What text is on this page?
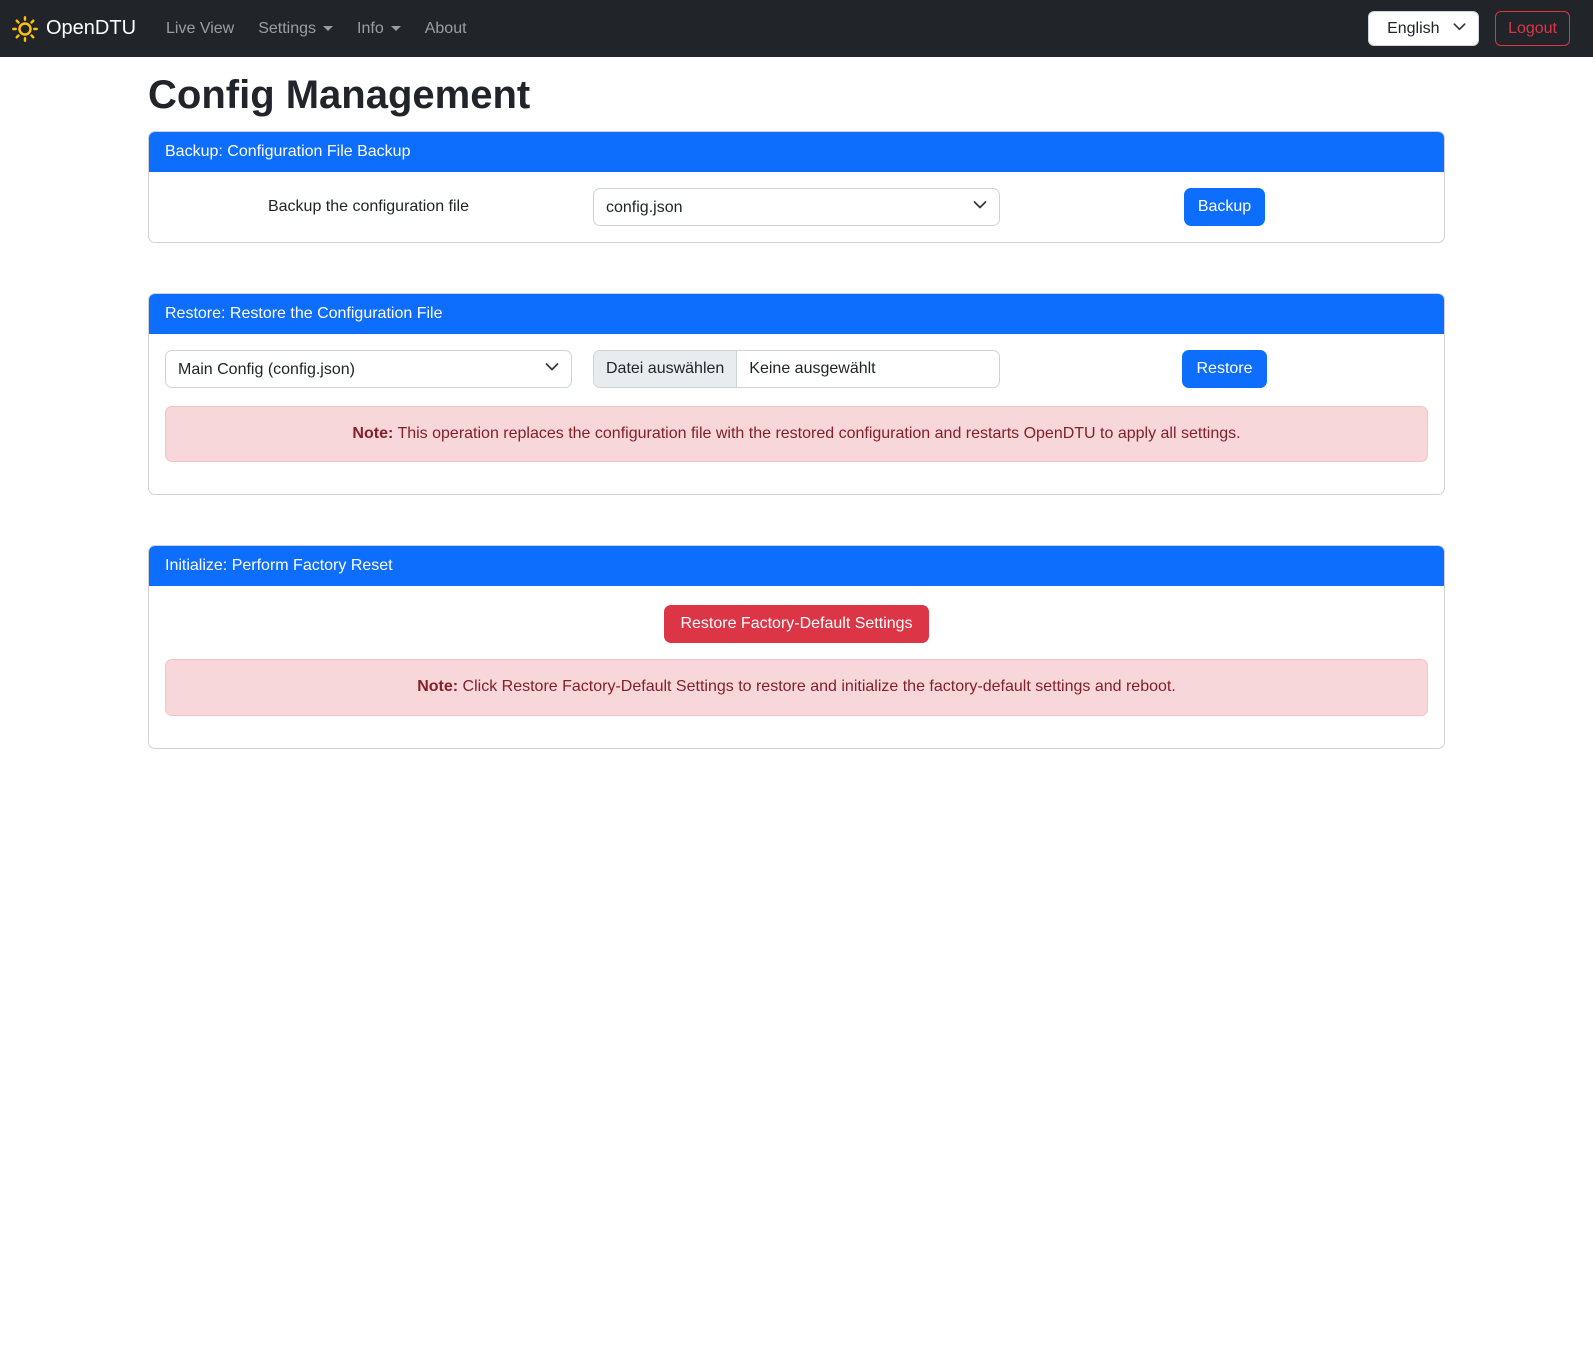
OpenDTU Live View Settings	Info	About
English	Logout
Config Management
Backup: Configuration File Backup
Backup the configuration file
config.json	Backup
Restore: Restore the Configuration File
Main Config (config.json)
Datei auswählen	Keine ausgewählt	Restore
Note: This operation replaces the configuration file with the restored configuration and restarts OpenDTU to apply all settings.
Initialize: Perform Factory Reset
Restore Factory-Default Settings
Note: Click Restore Factory-Default Settings to restore and initialize the factory-default settings and reboot.
